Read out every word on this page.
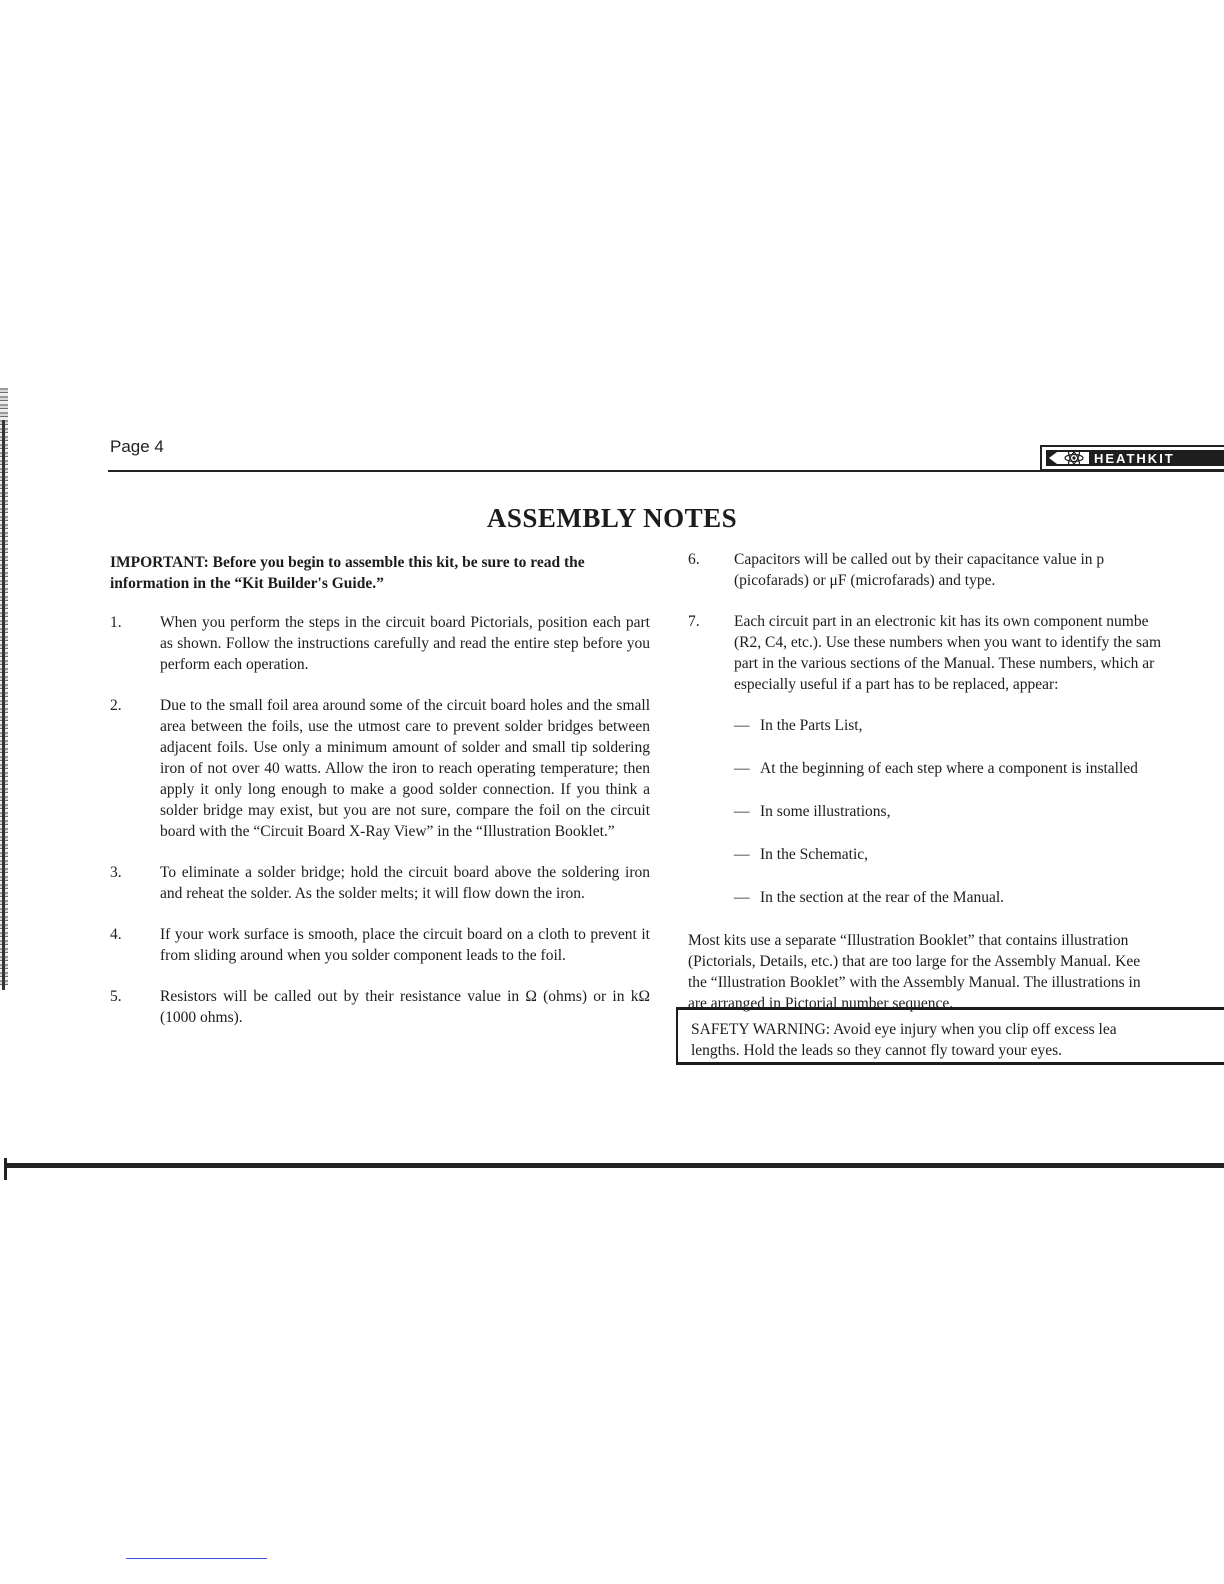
Page 4
HEATHKIT
ASSEMBLY NOTES

IMPORTANT: Before you begin to assemble this kit, be sure to read the information in the “Kit Builder's Guide.”

1.	When you perform the steps in the circuit board Pictorials, position each part as shown. Follow the instructions carefully and read the entire step before you perform each operation.
2.	Due to the small foil area around some of the circuit board holes and the small area between the foils, use the utmost care to prevent solder bridges between adjacent foils. Use only a minimum amount of solder and small tip soldering iron of not over 40 watts. Allow the iron to reach operating temperature; then apply it only long enough to make a good solder connection. If you think a solder bridge may exist, but you are not sure, compare the foil on the circuit board with the “Circuit Board X-Ray View” in the “Illustration Booklet.”
3.	To eliminate a solder bridge; hold the circuit board above the soldering iron and reheat the solder. As the solder melts; it will flow down the iron.
4.	If your work surface is smooth, place the circuit board on a cloth to prevent it from sliding around when you solder component leads to the foil.
5.	Resistors will be called out by their resistance value in Ω (ohms) or in kΩ (1000 ohms).
6.	Capacitors will be called out by their capacitance value in p
(picofarads) or μF (microfarads) and type.
7.	Each circuit part in an electronic kit has its own component numbe
(R2, C4, etc.). Use these numbers when you want to identify the sam
part in the various sections of the Manual. These numbers, which ar
especially useful if a part has to be replaced, appear:
— In the Parts List,
— At the beginning of each step where a component is installed
— In some illustrations,
— In the Schematic,
— In the section at the rear of the Manual.
Most kits use a separate “Illustration Booklet” that contains illustration
(Pictorials, Details, etc.) that are too large for the Assembly Manual. Kee
the “Illustration Booklet” with the Assembly Manual. The illustrations in
are arranged in Pictorial number sequence.
SAFETY WARNING: Avoid eye injury when you clip off excess lea
lengths. Hold the leads so they cannot fly toward your eyes.
